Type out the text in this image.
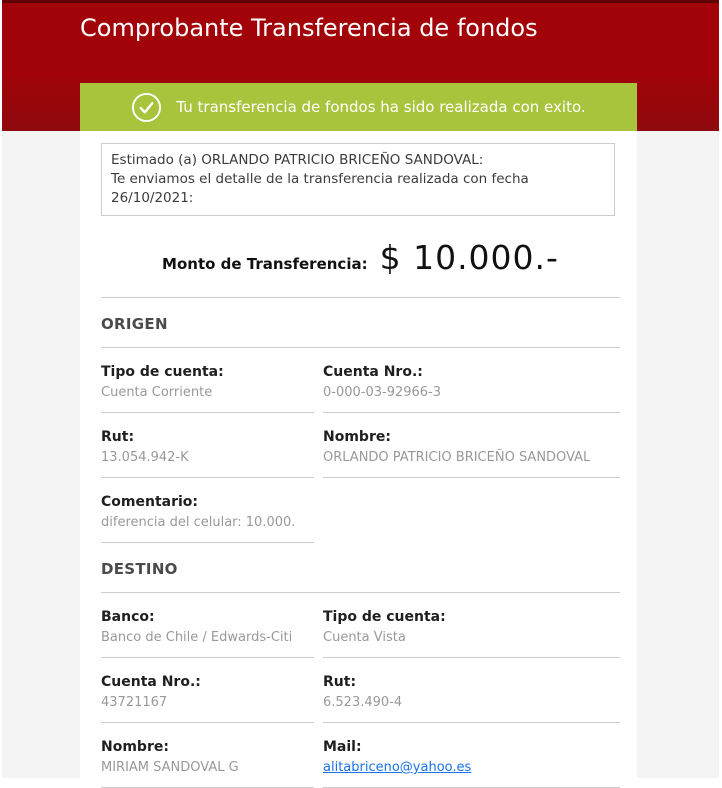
Comprobante Transferencia de fondos
Tu transferencia de fondos ha sido realizada con exito.
Estimado (a) ORLANDO PATRICIO BRICEÑO SANDOVAL:
Te enviamos el detalle de la transferencia realizada con fecha 26/10/2021:
Monto de Transferencia: $ 10.000.-
ORIGEN
Tipo de cuenta:
Cuenta Corriente
Cuenta Nro.:
0-000-03-92966-3
Rut:
13.054.942-K
Nombre:
ORLANDO PATRICIO BRICEÑO SANDOVAL
Comentario:
diferencia del celular: 10.000.
DESTINO
Banco:
Banco de Chile / Edwards-Citi
Tipo de cuenta:
Cuenta Vista
Cuenta Nro.:
43721167
Rut:
6.523.490-4
Nombre:
MIRIAM SANDOVAL G
Mail:
alitabriceno@yahoo.es
